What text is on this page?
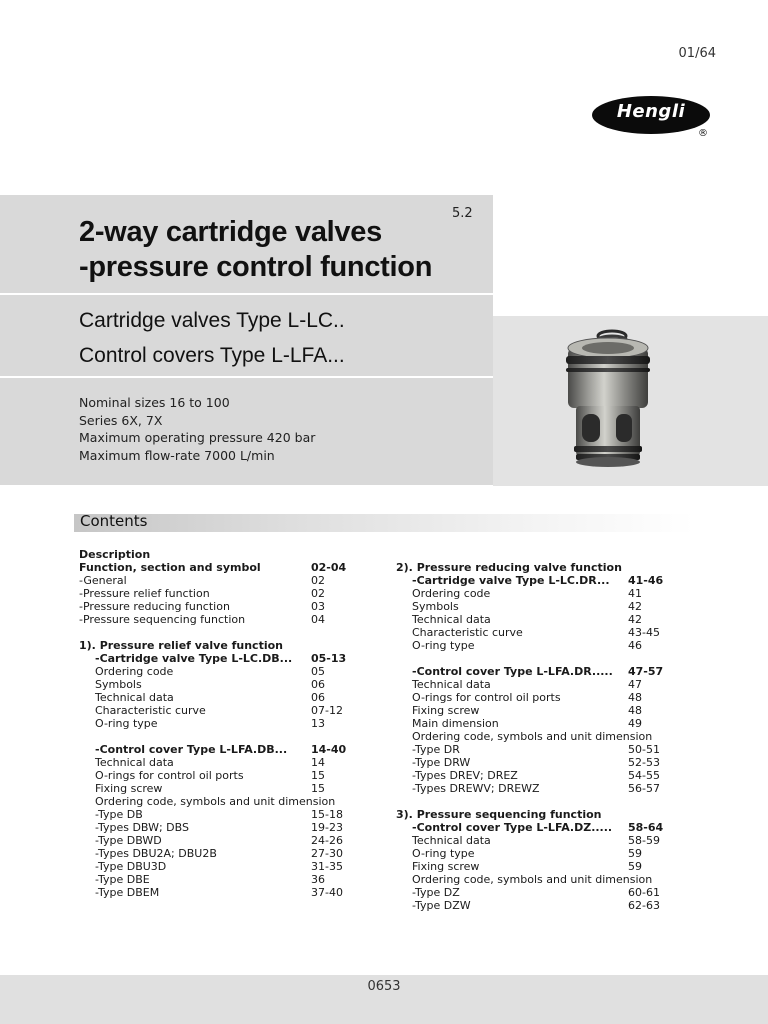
01/64
Hengli
®
5.2
2-way cartridge valves
-pressure control function
Cartridge valves Type L-LC..
Control covers Type L-LFA...
Nominal sizes 16 to 100
Series 6X, 7X
Maximum operating pressure 420 bar
Maximum flow-rate 7000 L/min
Contents
Description
Function, section and symbol	02-04
-General	02
-Pressure relief function	02
-Pressure reducing function	03
-Pressure sequencing function	04
1). Pressure relief valve function
-Cartridge valve Type L-LC.DB... 05-13
Ordering code	05
Symbols	06
Technical data	06
Characteristic curve	07-12
O-ring type	13
-Control cover Type L-LFA.DB... 14-40
Technical data	14
O-rings for control oil ports	15
Fixing screw	15
Ordering code, symbols and unit dimension
-Type DB	15-18
-Types DBW; DBS	19-23
-Type DBWD	24-26
-Types DBU2A; DBU2B	27-30
-Type DBU3D	31-35
-Type DBE	36
-Type DBEM	37-40
2). Pressure reducing valve function
-Cartridge valve Type L-LC.DR... 41-46
Ordering code	41
Symbols	42
Technical data	42
Characteristic curve	43-45
O-ring type	46
-Control cover Type L-LFA.DR..... 47-57
Technical data	47
O-rings for control oil ports	48
Fixing screw	48
Main dimension	49
Ordering code, symbols and unit dimension
-Type DR	50-51
-Type DRW	52-53
-Types DREV; DREZ	54-55
-Types DREWV; DREWZ	56-57
3). Pressure sequencing function
-Control cover Type L-LFA.DZ..... 58-64
Technical data	58-59
O-ring type	59
Fixing screw	59
Ordering code, symbols and unit dimension
-Type DZ	60-61
-Type DZW	62-63
0653
